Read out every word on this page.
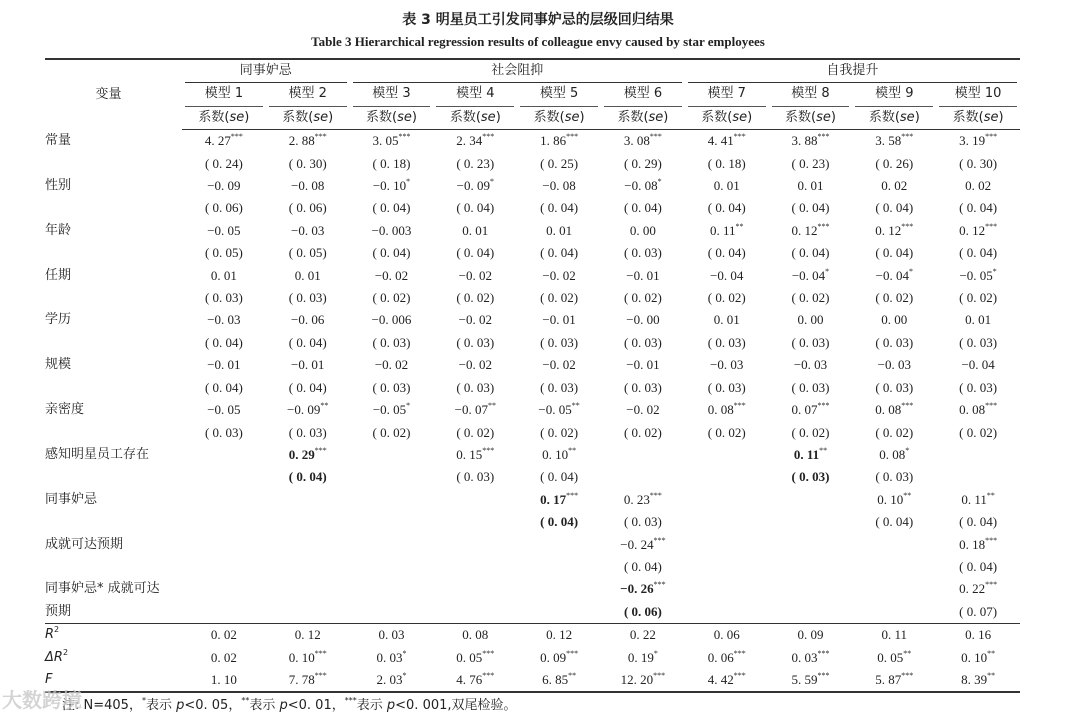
表 3 明星员工引发同事妒忌的层级回归结果
Table 3 Hierarchical regression results of colleague envy caused by star employees
变量	同事妒忌		社会阻抑				自我提升			

	模型 1	模型 2	模型 3	模型 4	模型 5	模型 6	模型 7	模型 8	模型 9	模型 10

	系数(se)	系数(se)	系数(se)	系数(se)	系数(se)	系数(se)	系数(se)	系数(se)	系数(se)	系数(se)
常量	4. 27***	2. 88***	3. 05***	2. 34***	1. 86***	3. 08***	4. 41***	3. 88***	3. 58***	3. 19***
	( 0. 24)	( 0. 30)	( 0. 18)	( 0. 23)	( 0. 25)	( 0. 29)	( 0. 18)	( 0. 23)	( 0. 26)	( 0. 30)
性别	−0. 09	−0. 08	−0. 10*	−0. 09*	−0. 08	−0. 08*	0. 01	0. 01	0. 02	0. 02
	( 0. 06)	( 0. 06)	( 0. 04)	( 0. 04)	( 0. 04)	( 0. 04)	( 0. 04)	( 0. 04)	( 0. 04)	( 0. 04)
年龄	−0. 05	−0. 03	−0. 003	0. 01	0. 01	0. 00	0. 11**	0. 12***	0. 12***	0. 12***
	( 0. 05)	( 0. 05)	( 0. 04)	( 0. 04)	( 0. 04)	( 0. 03)	( 0. 04)	( 0. 04)	( 0. 04)	( 0. 04)
任期	0. 01	0. 01	−0. 02	−0. 02	−0. 02	−0. 01	−0. 04	−0. 04*	−0. 04*	−0. 05*
	( 0. 03)	( 0. 03)	( 0. 02)	( 0. 02)	( 0. 02)	( 0. 02)	( 0. 02)	( 0. 02)	( 0. 02)	( 0. 02)
学历	−0. 03	−0. 06	−0. 006	−0. 02	−0. 01	−0. 00	0. 01	0. 00	0. 00	0. 01
	( 0. 04)	( 0. 04)	( 0. 03)	( 0. 03)	( 0. 03)	( 0. 03)	( 0. 03)	( 0. 03)	( 0. 03)	( 0. 03)
规模	−0. 01	−0. 01	−0. 02	−0. 02	−0. 02	−0. 01	−0. 03	−0. 03	−0. 03	−0. 04
	( 0. 04)	( 0. 04)	( 0. 03)	( 0. 03)	( 0. 03)	( 0. 03)	( 0. 03)	( 0. 03)	( 0. 03)	( 0. 03)
亲密度	−0. 05	−0. 09**	−0. 05*	−0. 07**	−0. 05**	−0. 02	0. 08***	0. 07***	0. 08***	0. 08***
	( 0. 03)	( 0. 03)	( 0. 02)	( 0. 02)	( 0. 02)	( 0. 02)	( 0. 02)	( 0. 02)	( 0. 02)	( 0. 02)
感知明星员工存在		0. 29***		0. 15***	0. 10**			0. 11**	0. 08*	
		( 0. 04)		( 0. 03)	( 0. 04)			( 0. 03)	( 0. 03)	
同事妒忌					0. 17***	0. 23***			0. 10**	0. 11**
					( 0. 04)	( 0. 03)			( 0. 04)	( 0. 04)
成就可达预期						−0. 24***				0. 18***
						( 0. 04)				( 0. 04)
同事妒忌* 成就可达						−0. 26***				0. 22***
预期						( 0. 06)				( 0. 07)
$R^2$	0. 02	0. 12	0. 03	0. 08	0. 12	0. 22	0. 06	0. 09	0. 11	0. 16
$\Delta R^2$	0. 02	0. 10***	0. 03*	0. 05***	0. 09***	0. 19*	0. 06***	0. 03***	0. 05**	0. 10**
F	1. 10	7. 78***	2. 03*	4. 76***	6. 85**	12. 20***	4. 42***	5. 59***	5. 87***	8. 39**
注: N=405，*表示 p<0. 05，**表示 p<0. 01，***表示 p<0. 001,双尾检验。
大数跨境
